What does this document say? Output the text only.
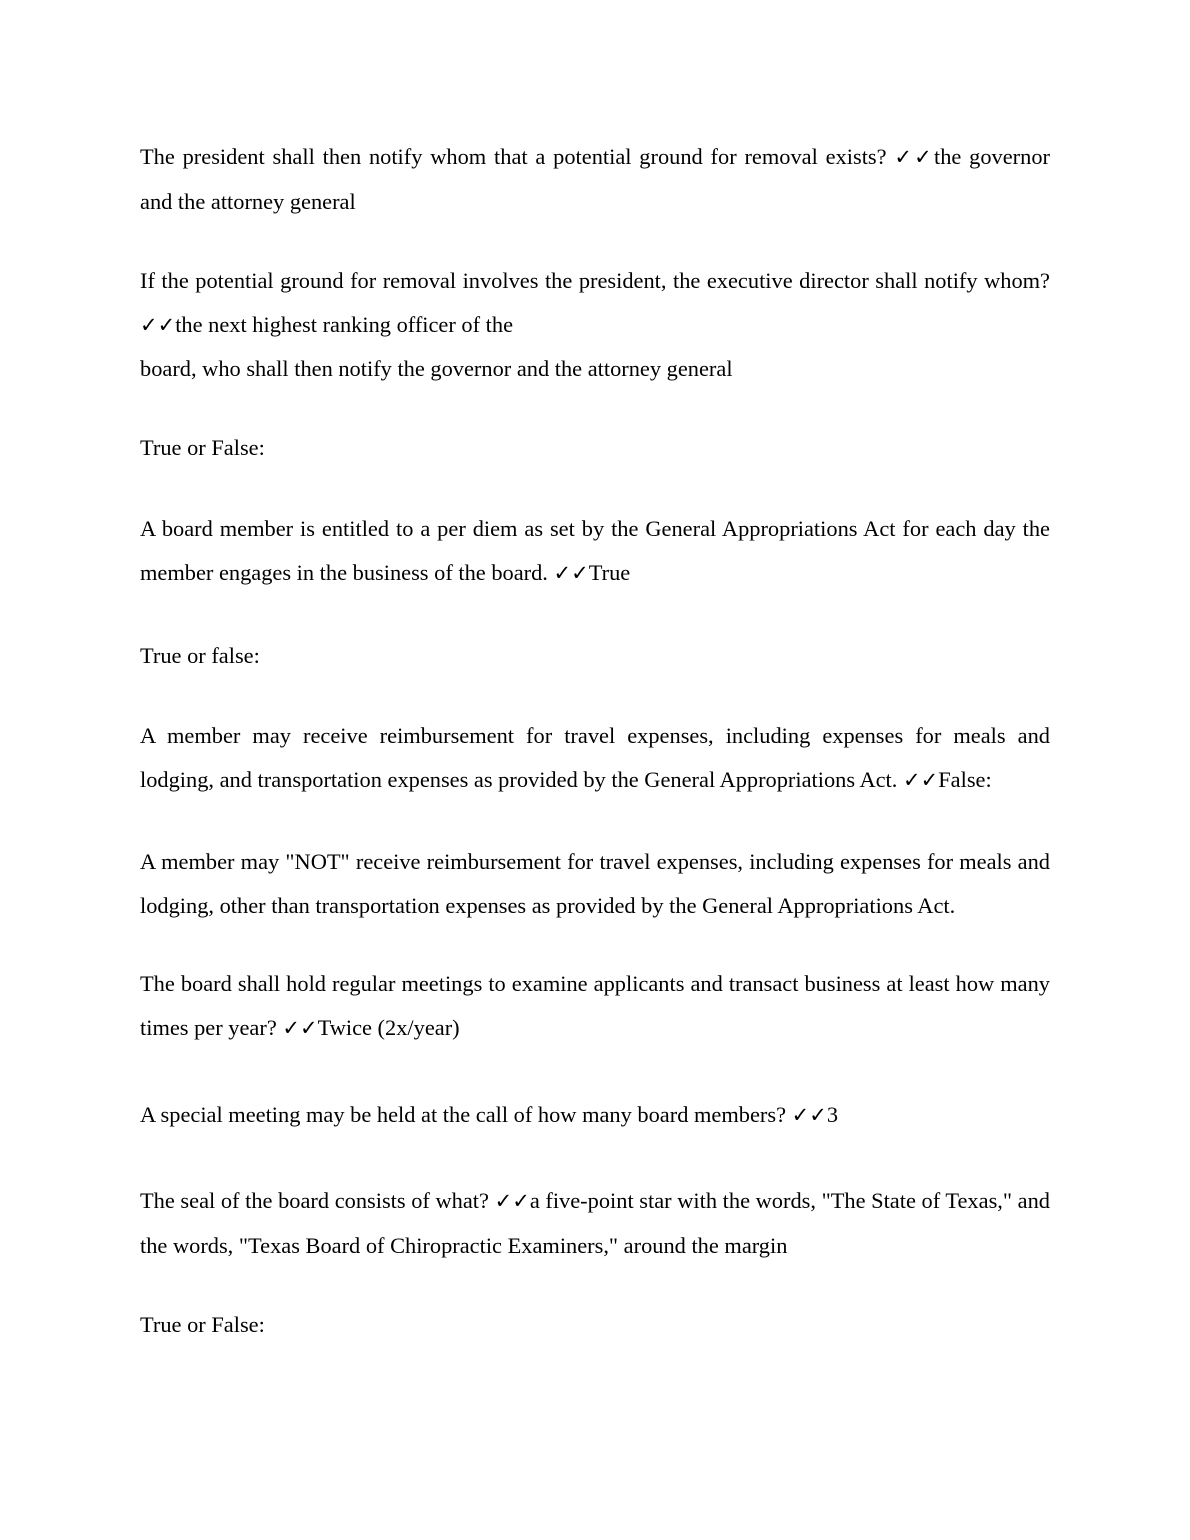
The president shall then notify whom that a potential ground for removal exists? ✓✓the governor and the attorney general

If the potential ground for removal involves the president, the executive director shall notify whom? ✓✓the next highest ranking officer of the
board, who shall then notify the governor and the attorney general

True or False:

A board member is entitled to a per diem as set by the General Appropriations Act for each day the member engages in the business of the board. ✓✓True

True or false:

A member may receive reimbursement for travel expenses, including expenses for meals and lodging, and transportation expenses as provided by the General Appropriations Act. ✓✓False:

A member may "NOT" receive reimbursement for travel expenses, including expenses for meals and lodging, other than transportation expenses as provided by the General Appropriations Act.

The board shall hold regular meetings to examine applicants and transact business at least how many times per year? ✓✓Twice (2x/year)

A special meeting may be held at the call of how many board members? ✓✓3

The seal of the board consists of what? ✓✓a five-point star with the words, "The State of Texas," and the words, "Texas Board of Chiropractic Examiners," around the margin

True or False:
